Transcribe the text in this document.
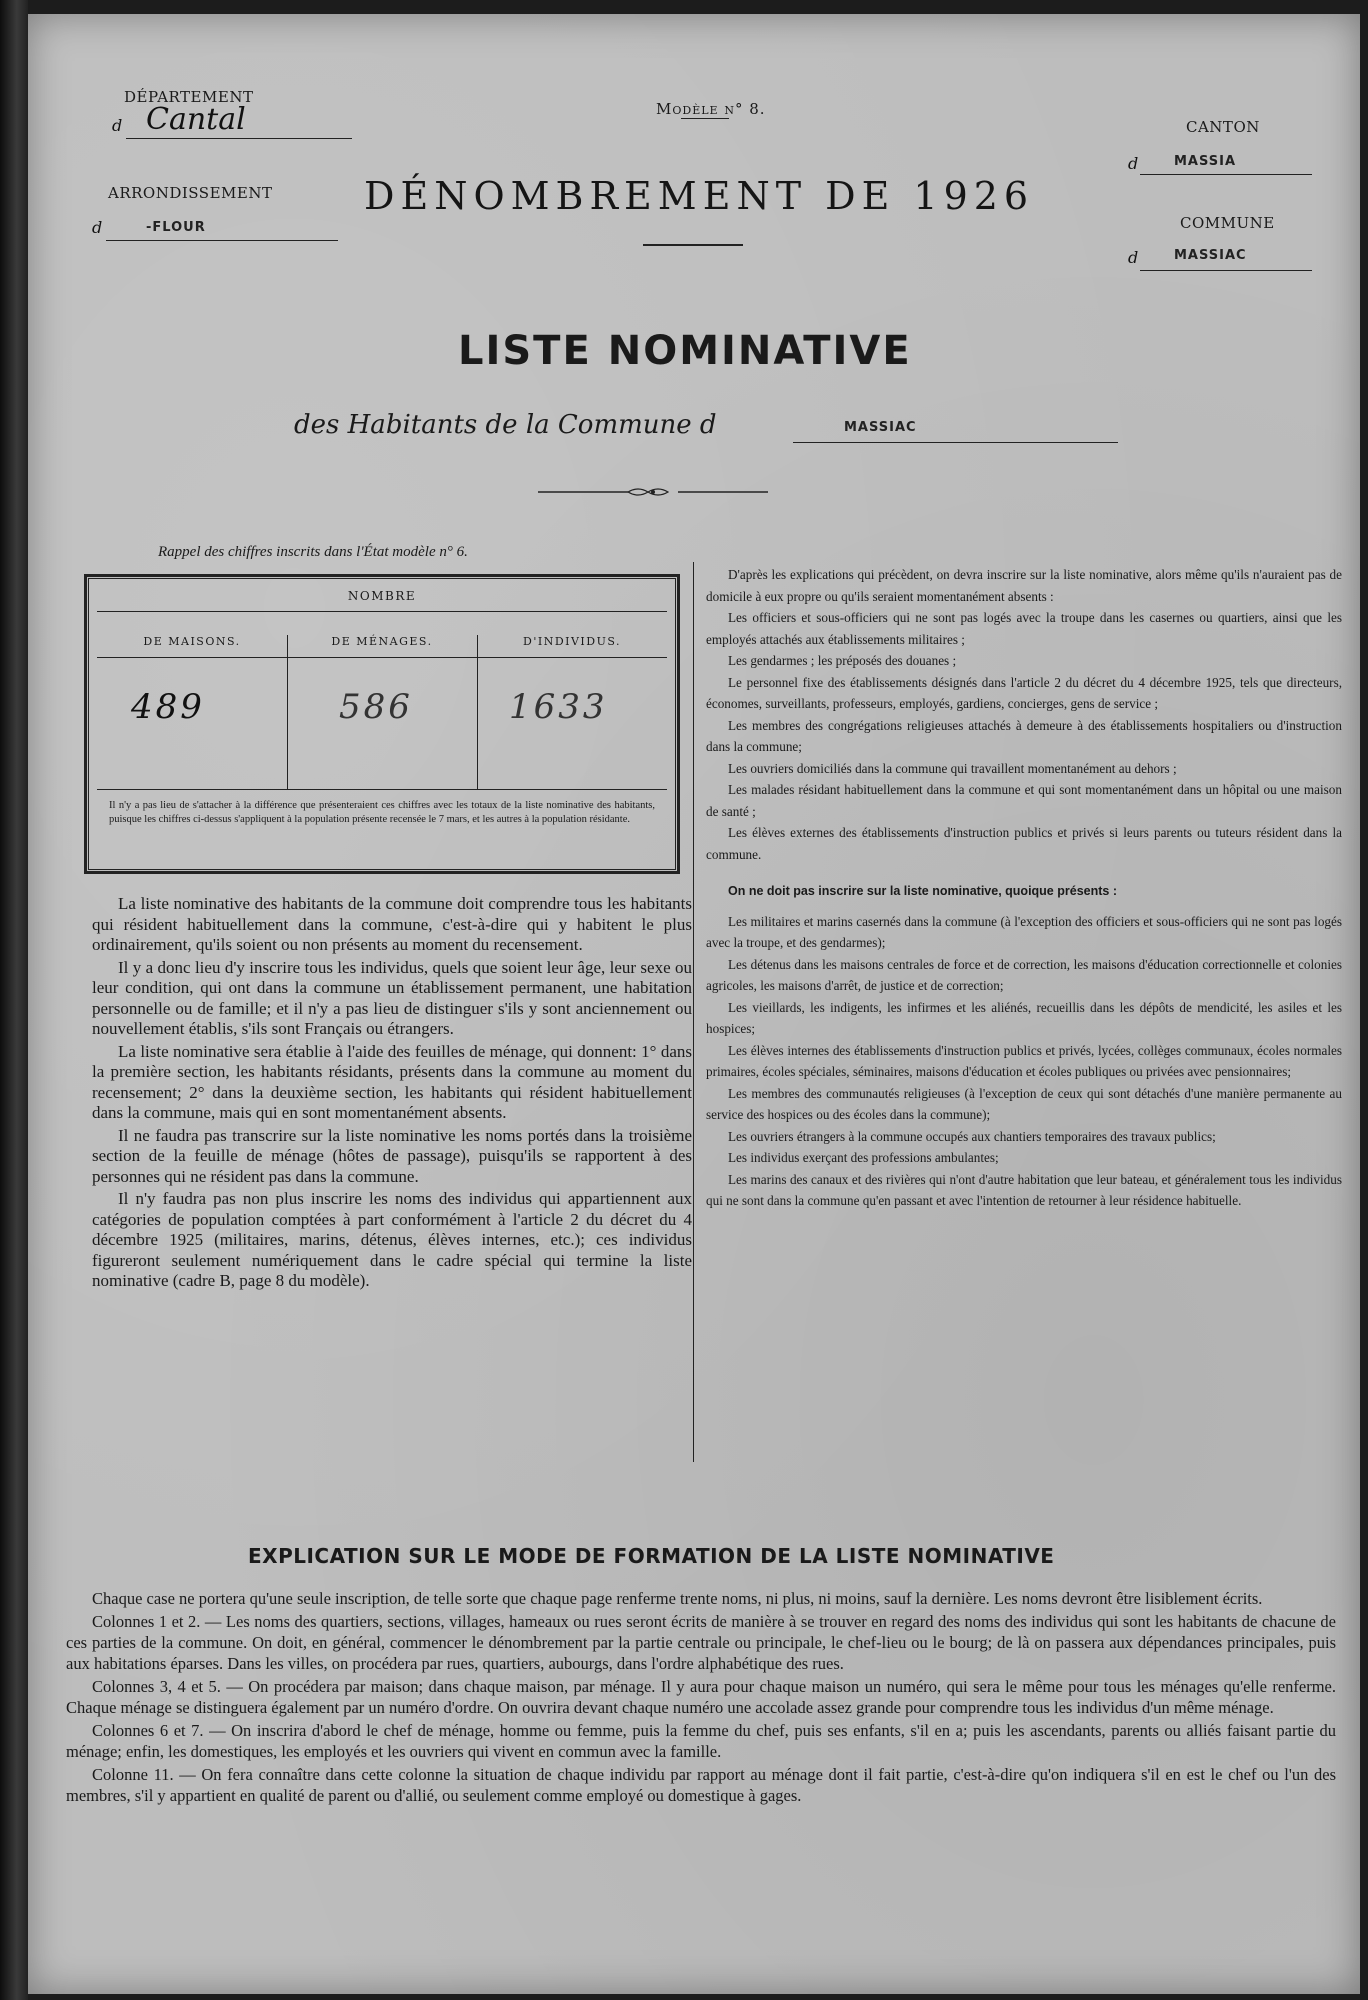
DÉPARTEMENT
d Cantal
ARRONDISSEMENT
d	-FLOUR
Modèle n° 8.
DÉNOMBREMENT DE 1926
CANTON
d	MASSIA
COMMUNE
d	MASSIAC
LISTE NOMINATIVE
des Habitants de la Commune d	MASSIAC
Rappel des chiffres inscrits dans l'État modèle n° 6.
NOMBRE
DE MAISONS.	DE MÉNAGES.	D'INDIVIDUS.
489	586	1633
Il n'y a pas lieu de s'attacher à la différence que présenteraient ces chiffres avec les totaux de la liste nominative des habitants, puisque les chiffres ci-dessus s'appliquent à la population présente recensée le 7 mars, et les autres à la population résidante.

La liste nominative des habitants de la commune doit comprendre tous les habitants qui résident habituellement dans la commune, c'est-à-dire qui y habitent le plus ordinairement, qu'ils soient ou non présents au moment du recensement.

Il y a donc lieu d'y inscrire tous les individus, quels que soient leur âge, leur sexe ou leur condition, qui ont dans la commune un établissement permanent, une habitation personnelle ou de famille; et il n'y a pas lieu de distinguer s'ils y sont anciennement ou nouvellement établis, s'ils sont Français ou étrangers.

La liste nominative sera établie à l'aide des feuilles de ménage, qui donnent: 1° dans la première section, les habitants résidants, présents dans la commune au moment du recensement; 2° dans la deuxième section, les habitants qui résident habituellement dans la commune, mais qui en sont momentanément absents.

Il ne faudra pas transcrire sur la liste nominative les noms portés dans la troisième section de la feuille de ménage (hôtes de passage), puisqu'ils se rapportent à des personnes qui ne résident pas dans la commune.

Il n'y faudra pas non plus inscrire les noms des individus qui appartiennent aux catégories de population comptées à part conformément à l'article 2 du décret du 4 décembre 1925 (militaires, marins, détenus, élèves internes, etc.); ces individus figureront seulement numériquement dans le cadre spécial qui termine la liste nominative (cadre B, page 8 du modèle).

D'après les explications qui précèdent, on devra inscrire sur la liste nominative, alors même qu'ils n'auraient pas de domicile à eux propre ou qu'ils seraient momentanément absents :

Les officiers et sous-officiers qui ne sont pas logés avec la troupe dans les casernes ou quartiers, ainsi que les employés attachés aux établissements militaires ;

Les gendarmes ; les préposés des douanes ;

Le personnel fixe des établissements désignés dans l'article 2 du décret du 4 décembre 1925, tels que directeurs, économes, surveillants, professeurs, employés, gardiens, concierges, gens de service ;

Les membres des congrégations religieuses attachés à demeure à des établissements hospitaliers ou d'instruction dans la commune;

Les ouvriers domiciliés dans la commune qui travaillent momentanément au dehors ;

Les malades résidant habituellement dans la commune et qui sont momentanément dans un hôpital ou une maison de santé ;

Les élèves externes des établissements d'instruction publics et privés si leurs parents ou tuteurs résident dans la commune.

On ne doit pas inscrire sur la liste nominative, quoique présents :

Les militaires et marins casernés dans la commune (à l'exception des officiers et sous-officiers qui ne sont pas logés avec la troupe, et des gendarmes);

Les détenus dans les maisons centrales de force et de correction, les maisons d'éducation correctionnelle et colonies agricoles, les maisons d'arrêt, de justice et de correction;

Les vieillards, les indigents, les infirmes et les aliénés, recueillis dans les dépôts de mendicité, les asiles et les hospices;

Les élèves internes des établissements d'instruction publics et privés, lycées, collèges communaux, écoles normales primaires, écoles spéciales, séminaires, maisons d'éducation et écoles publiques ou privées avec pensionnaires;

Les membres des communautés religieuses (à l'exception de ceux qui sont détachés d'une manière permanente au service des hospices ou des écoles dans la commune);

Les ouvriers étrangers à la commune occupés aux chantiers temporaires des travaux publics;

Les individus exerçant des professions ambulantes;

Les marins des canaux et des rivières qui n'ont d'autre habitation que leur bateau, et généralement tous les individus qui ne sont dans la commune qu'en passant et avec l'intention de retourner à leur résidence habituelle.

EXPLICATION SUR LE MODE DE FORMATION DE LA LISTE NOMINATIVE

Chaque case ne portera qu'une seule inscription, de telle sorte que chaque page renferme trente noms, ni plus, ni moins, sauf la dernière. Les noms devront être lisiblement écrits.

Colonnes 1 et 2. — Les noms des quartiers, sections, villages, hameaux ou rues seront écrits de manière à se trouver en regard des noms des individus qui sont les habitants de chacune de ces parties de la commune. On doit, en général, commencer le dénombrement par la partie centrale ou principale, le chef-lieu ou le bourg; de là on passera aux dépendances principales, puis aux habitations éparses. Dans les villes, on procédera par rues, quartiers, aubourgs, dans l'ordre alphabétique des rues.

Colonnes 3, 4 et 5. — On procédera par maison; dans chaque maison, par ménage. Il y aura pour chaque maison un numéro, qui sera le même pour tous les ménages qu'elle renferme. Chaque ménage se distinguera également par un numéro d'ordre. On ouvrira devant chaque numéro une accolade assez grande pour comprendre tous les individus d'un même ménage.

Colonnes 6 et 7. — On inscrira d'abord le chef de ménage, homme ou femme, puis la femme du chef, puis ses enfants, s'il en a; puis les ascendants, parents ou alliés faisant partie du ménage; enfin, les domestiques, les employés et les ouvriers qui vivent en commun avec la famille.

Colonne 11. — On fera connaître dans cette colonne la situation de chaque individu par rapport au ménage dont il fait partie, c'est-à-dire qu'on indiquera s'il en est le chef ou l'un des membres, s'il y appartient en qualité de parent ou d'allié, ou seulement comme employé ou domestique à gages.
